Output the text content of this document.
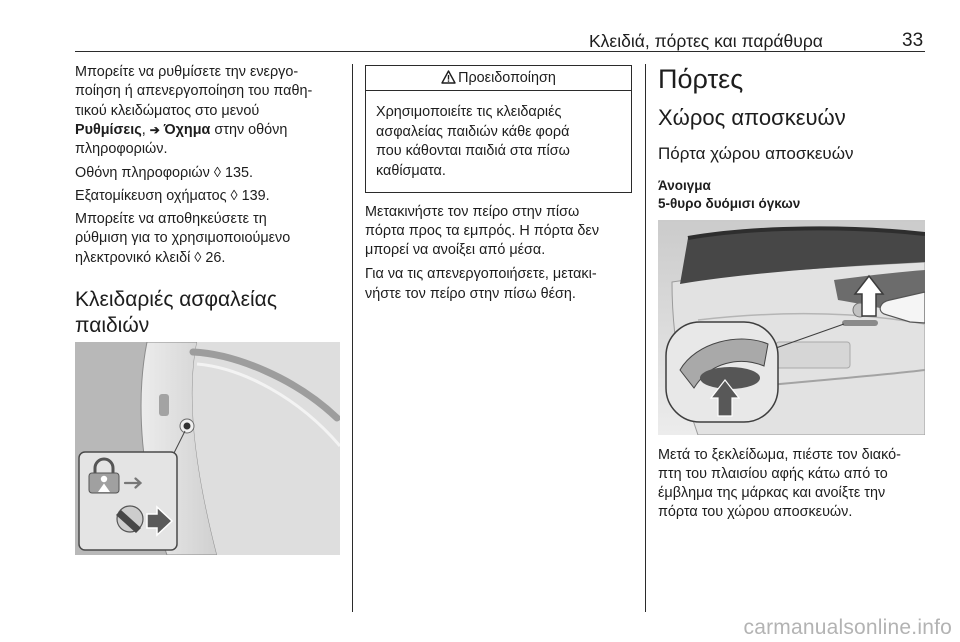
Κλειδιά, πόρτες και παράθυρα	33
Μπορείτε να ρυθμίσετε την ενεργο-
ποίηση ή απενεργοποίηση του παθη-
τικού κλειδώματος στο μενού
Ρυθμίσεις, ➔ Όχημα στην οθόνη
πληροφοριών.
Οθόνη πληροφοριών ◊ 135.
Εξατομίκευση οχήματος ◊ 139.
Μπορείτε να αποθηκεύσετε τη
ρύθμιση για το χρησιμοποιούμενο
ηλεκτρονικό κλειδί ◊ 26.
Κλειδαριές ασφαλείας
παιδιών
Προειδοποίηση
Χρησιμοποιείτε τις κλειδαριές
ασφαλείας παιδιών κάθε φορά
που κάθονται παιδιά στα πίσω
καθίσματα.
Μετακινήστε τον πείρο στην πίσω
πόρτα προς τα εμπρός. Η πόρτα δεν
μπορεί να ανοίξει από μέσα.
Για να τις απενεργοποιήσετε, μετακι-
νήστε τον πείρο στην πίσω θέση.
Πόρτες
Χώρος αποσκευών
Πόρτα χώρου αποσκευών
Άνοιγμα
5-θυρο δυόμισι όγκων
Μετά το ξεκλείδωμα, πιέστε τον διακό-
πτη του πλαισίου αφής κάτω από το
έμβλημα της μάρκας και ανοίξτε την
πόρτα του χώρου αποσκευών.
carmanualsonline.info
